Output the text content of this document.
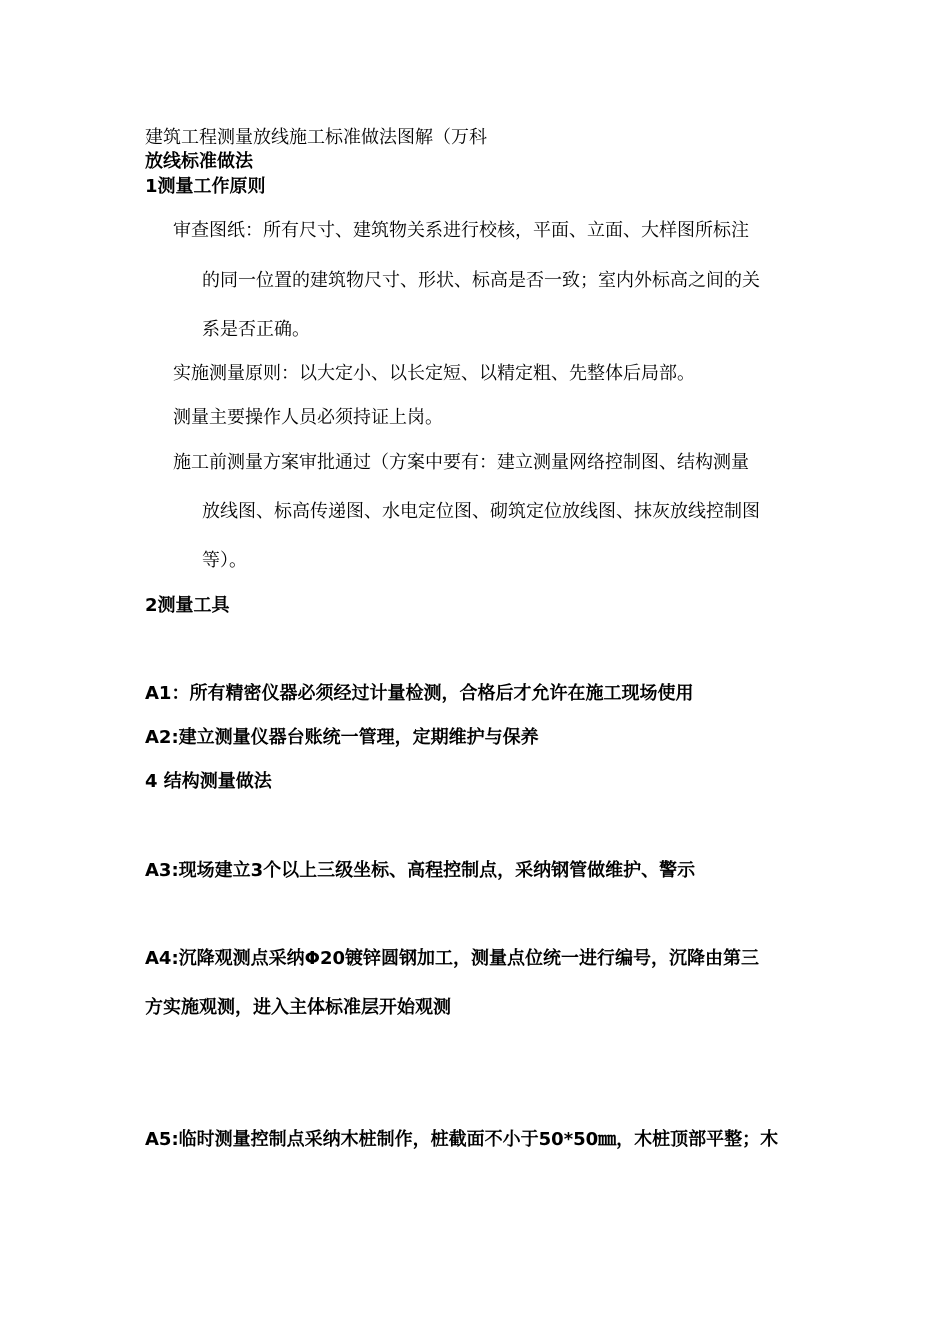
建筑工程测量放线施工标准做法图解（万科
放线标准做法
1测量工作原则
审查图纸：所有尺寸、建筑物关系进行校核，平面、立面、大样图所标注
的同一位置的建筑物尺寸、形状、标高是否一致；室内外标高之间的关
系是否正确。
实施测量原则：以大定小、以长定短、以精定粗、先整体后局部。
测量主要操作人员必须持证上岗。
施工前测量方案审批通过（方案中要有：建立测量网络控制图、结构测量
放线图、标高传递图、水电定位图、砌筑定位放线图、抹灰放线控制图
等）。
2测量工具
A1：所有精密仪器必须经过计量检测，合格后才允许在施工现场使用
A2:建立测量仪器台账统一管理，定期维护与保养
4 结构测量做法
A3:现场建立3个以上三级坐标、高程控制点，采纳钢管做维护、警示
A4:沉降观测点采纳Φ20镀锌圆钢加工，测量点位统一进行编号，沉降由第三
方实施观测，进入主体标准层开始观测
A5:临时测量控制点采纳木桩制作，桩截面不小于50*50㎜，木桩顶部平整；木
